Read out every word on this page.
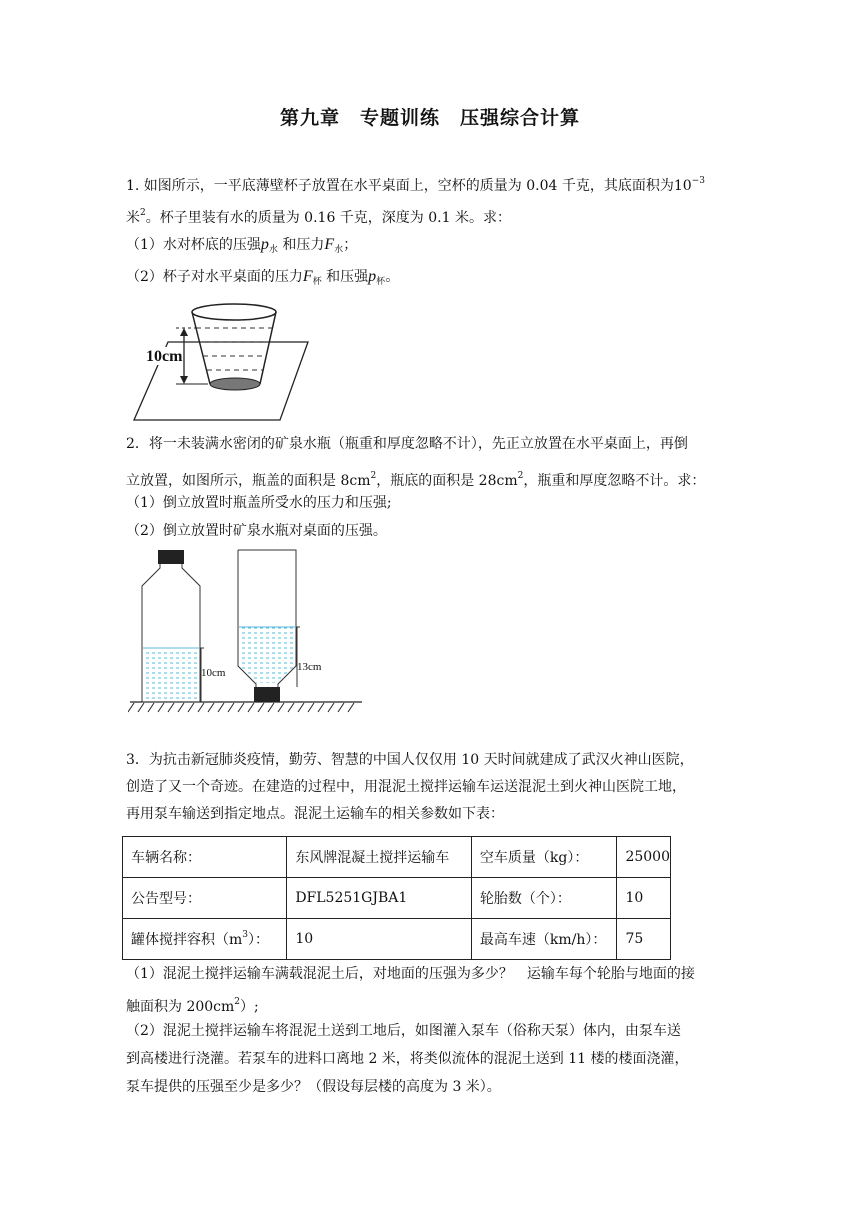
第九章　专题训练　压强综合计算
1. 如图所示，一平底薄壁杯子放置在水平桌面上，空杯的质量为 0.04 千克，其底面积为$10^{-3}$
米$^2$。杯子里装有水的质量为 0.16 千克，深度为 0.1 米。求：
（1）水对杯底的压强$p_水$ 和压力$F_水$；
（2）杯子对水平桌面的压力$F_杯$ 和压强$p_杯$。
10cm
2．将一未装满水密闭的矿泉水瓶（瓶重和厚度忽略不计），先正立放置在水平桌面上，再倒
立放置，如图所示，瓶盖的面积是 $8cm^2$，瓶底的面积是 $28cm^2$，瓶重和厚度忽略不计。求：
（1）倒立放置时瓶盖所受水的压力和压强;
（2）倒立放置时矿泉水瓶对桌面的压强。
10cm	13cm
3．为抗击新冠肺炎疫情，勤劳、智慧的中国人仅仅用 10 天时间就建成了武汉火神山医院，
创造了又一个奇迹。在建造的过程中，用混泥土搅拌运输车运送混泥土到火神山医院工地，
再用泵车输送到指定地点。混泥土运输车的相关参数如下表：
车辆名称：	东风牌混凝土搅拌运输车	空车质量（kg）：	25000
公告型号：	DFL5251GJBA1	轮胎数（个）：	10
罐体搅拌容积$(m^3)$：	10	最高车速（km/h）：	75
（1）混泥土搅拌运输车满载混泥土后，对地面的压强为多少？　运输车每个轮胎与地面的接
触面积为 $200cm^2$）;
（2）混泥土搅拌运输车将混泥土送到工地后，如图灌入泵车（俗称天泵）体内，由泵车送
到高楼进行浇灌。若泵车的进料口离地 2 米，将类似流体的混泥土送到 11 楼的楼面浇灌，
泵车提供的压强至少是多少？（假设每层楼的高度为 3 米）。
